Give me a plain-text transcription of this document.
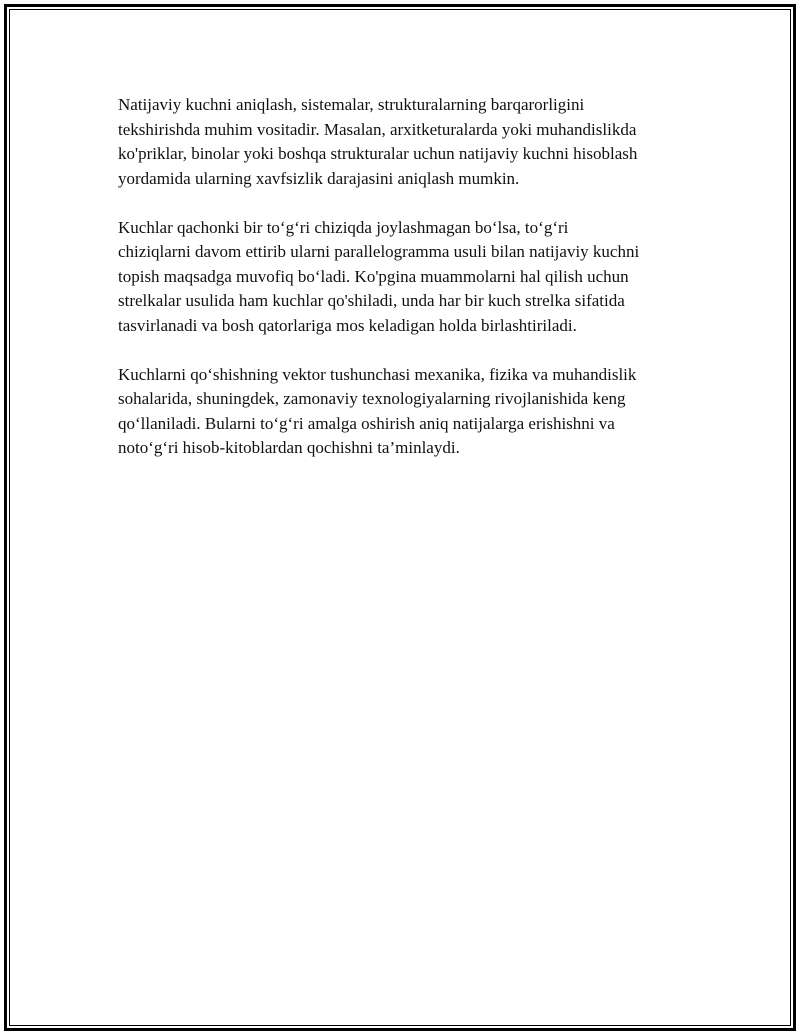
Natijaviy kuchni aniqlash, sistemalar, strukturalarning barqarorligini
tekshirishda muhim vositadir. Masalan, arxitketuralarda yoki muhandislikda
ko'priklar, binolar yoki boshqa strukturalar uchun natijaviy kuchni hisoblash
yordamida ularning xavfsizlik darajasini aniqlash mumkin.

Kuchlar qachonki bir to‘g‘ri chiziqda joylashmagan bo‘lsa, to‘g‘ri
chiziqlarni davom ettirib ularni parallelogramma usuli bilan natijaviy kuchni
topish maqsadga muvofiq bo‘ladi. Ko'pgina muammolarni hal qilish uchun
strelkalar usulida ham kuchlar qo'shiladi, unda har bir kuch strelka sifatida
tasvirlanadi va bosh qatorlariga mos keladigan holda birlashtiriladi.

Kuchlarni qo‘shishning vektor tushunchasi mexanika, fizika va muhandislik
sohalarida, shuningdek, zamonaviy texnologiyalarning rivojlanishida keng
qo‘llaniladi. Bularni to‘g‘ri amalga oshirish aniq natijalarga erishishni va
noto‘g‘ri hisob-kitoblardan qochishni ta’minlaydi.
